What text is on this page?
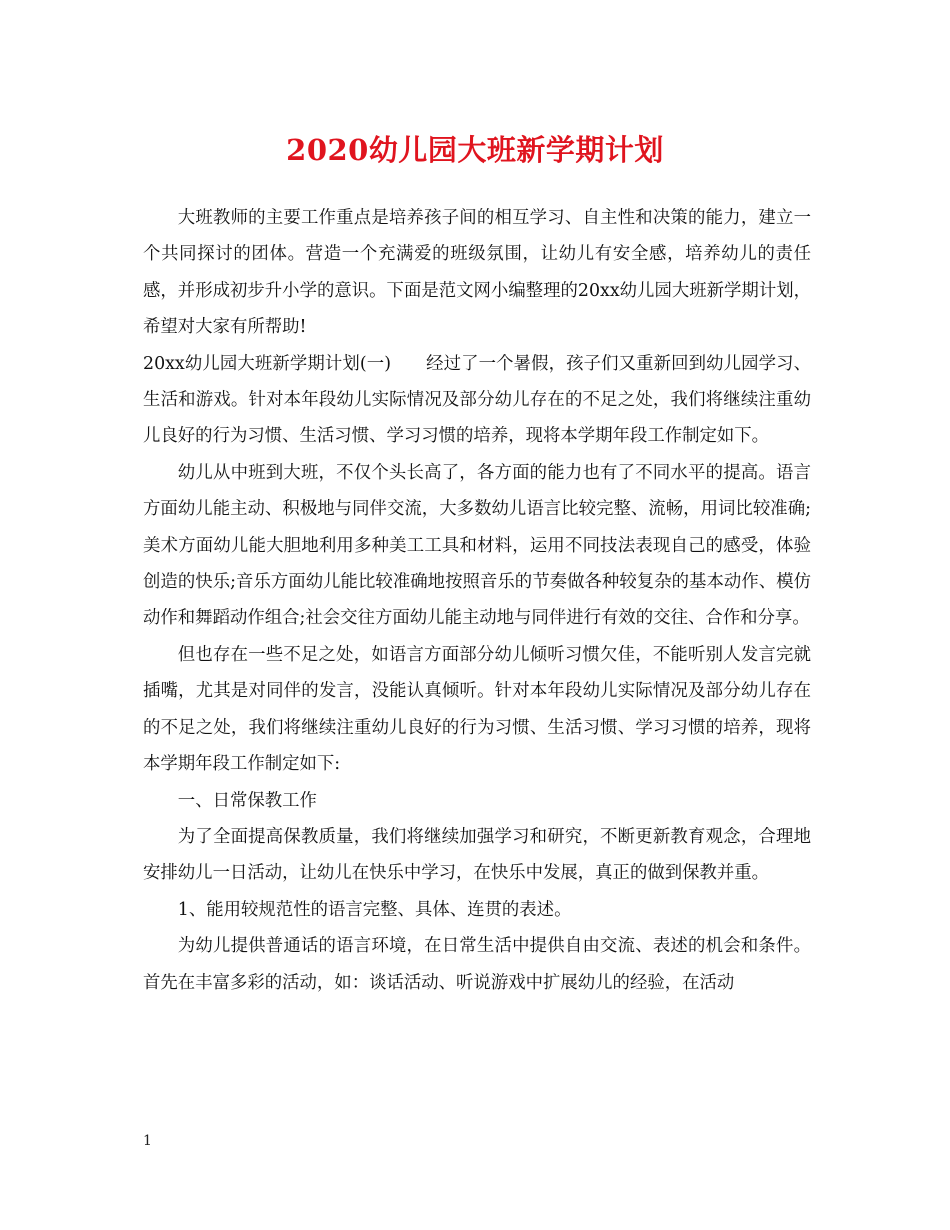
2020幼儿园大班新学期计划

大班教师的主要工作重点是培养孩子间的相互学习、自主性和决策的能力，建立一个共同探讨的团体。营造一个充满爱的班级氛围，让幼儿有安全感，培养幼儿的责任感，并形成初步升小学的意识。下面是范文网小编整理的20xx幼儿园大班新学期计划，希望对大家有所帮助!

20xx幼儿园大班新学期计划(一)　　经过了一个暑假，孩子们又重新回到幼儿园学习、生活和游戏。针对本年段幼儿实际情况及部分幼儿存在的不足之处，我们将继续注重幼儿良好的行为习惯、生活习惯、学习习惯的培养，现将本学期年段工作制定如下。

幼儿从中班到大班，不仅个头长高了，各方面的能力也有了不同水平的提高。语言方面幼儿能主动、积极地与同伴交流，大多数幼儿语言比较完整、流畅，用词比较准确;美术方面幼儿能大胆地利用多种美工工具和材料，运用不同技法表现自己的感受，体验创造的快乐;音乐方面幼儿能比较准确地按照音乐的节奏做各种较复杂的基本动作、模仿动作和舞蹈动作组合;社会交往方面幼儿能主动地与同伴进行有效的交往、合作和分享。

但也存在一些不足之处，如语言方面部分幼儿倾听习惯欠佳，不能听别人发言完就插嘴，尤其是对同伴的发言，没能认真倾听。针对本年段幼儿实际情况及部分幼儿存在的不足之处，我们将继续注重幼儿良好的行为习惯、生活习惯、学习习惯的培养，现将本学期年段工作制定如下:

一、日常保教工作

为了全面提高保教质量，我们将继续加强学习和研究，不断更新教育观念，合理地安排幼儿一日活动，让幼儿在快乐中学习，在快乐中发展，真正的做到保教并重。

1、能用较规范性的语言完整、具体、连贯的表述。

为幼儿提供普通话的语言环境，在日常生活中提供自由交流、表述的机会和条件。首先在丰富多彩的活动，如：谈话活动、听说游戏中扩展幼儿的经验，在活动

1
